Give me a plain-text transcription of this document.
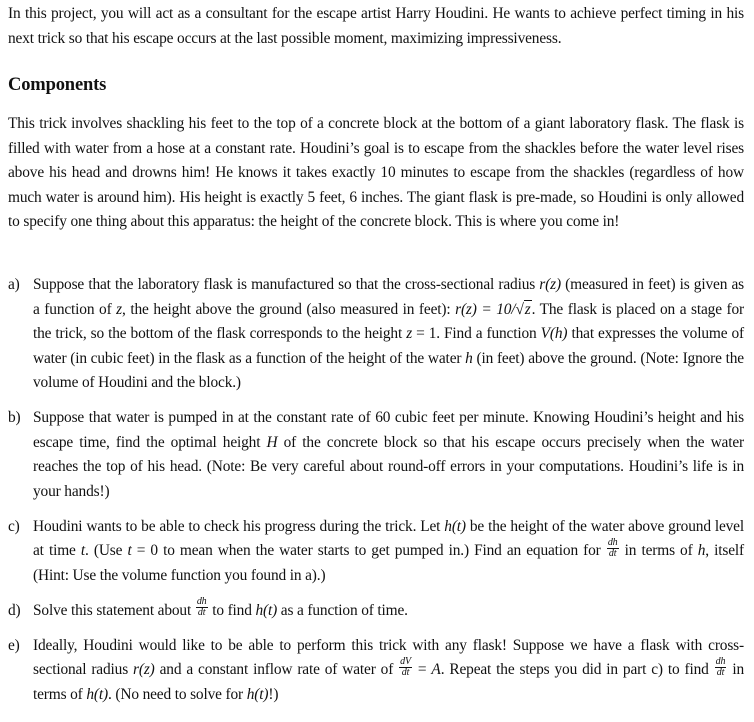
In this project, you will act as a consultant for the escape artist Harry Houdini. He wants to achieve perfect timing in his next trick so that his escape occurs at the last possible moment, maximizing impressiveness.

Components

This trick involves shackling his feet to the top of a concrete block at the bottom of a giant laboratory flask. The flask is filled with water from a hose at a constant rate. Houdini’s goal is to escape from the shackles before the water level rises above his head and drowns him! He knows it takes exactly 10 minutes to escape from the shackles (regardless of how much water is around him). His height is exactly 5 feet, 6 inches. The giant flask is pre-made, so Houdini is only allowed to specify one thing about this apparatus: the height of the concrete block. This is where you come in!

a) Suppose that the laboratory flask is manufactured so that the cross-sectional radius r(z) (measured in feet) is given as a function of z, the height above the ground (also measured in feet): r(z) = 10/√z. The flask is placed on a stage for the trick, so the bottom of the flask corresponds to the height z = 1. Find a function V(h) that expresses the volume of water (in cubic feet) in the flask as a function of the height of the water h (in feet) above the ground. (Note: Ignore the volume of Houdini and the block.)
b) Suppose that water is pumped in at the constant rate of 60 cubic feet per minute. Knowing Houdini’s height and his escape time, find the optimal height H of the concrete block so that his escape occurs precisely when the water reaches the top of his head. (Note: Be very careful about round-off errors in your computations. Houdini’s life is in your hands!)
c) Houdini wants to be able to check his progress during the trick. Let h(t) be the height of the water above ground level at time t. (Use t = 0 to mean when the water starts to get pumped in.) Find an equation for $\frac{dh}{dt}$ in terms of h, itself (Hint: Use the volume function you found in a).)
d) Solve this statement about $\frac{dh}{dt}$ to find h(t) as a function of time.
e) Ideally, Houdini would like to be able to perform this trick with any flask! Suppose we have a flask with cross-sectional radius r(z) and a constant inflow rate of water of $\frac{dV}{dt} = A$. Repeat the steps you did in part c) to find $\frac{dh}{dt}$ in terms of h(t). (No need to solve for h(t)!)
